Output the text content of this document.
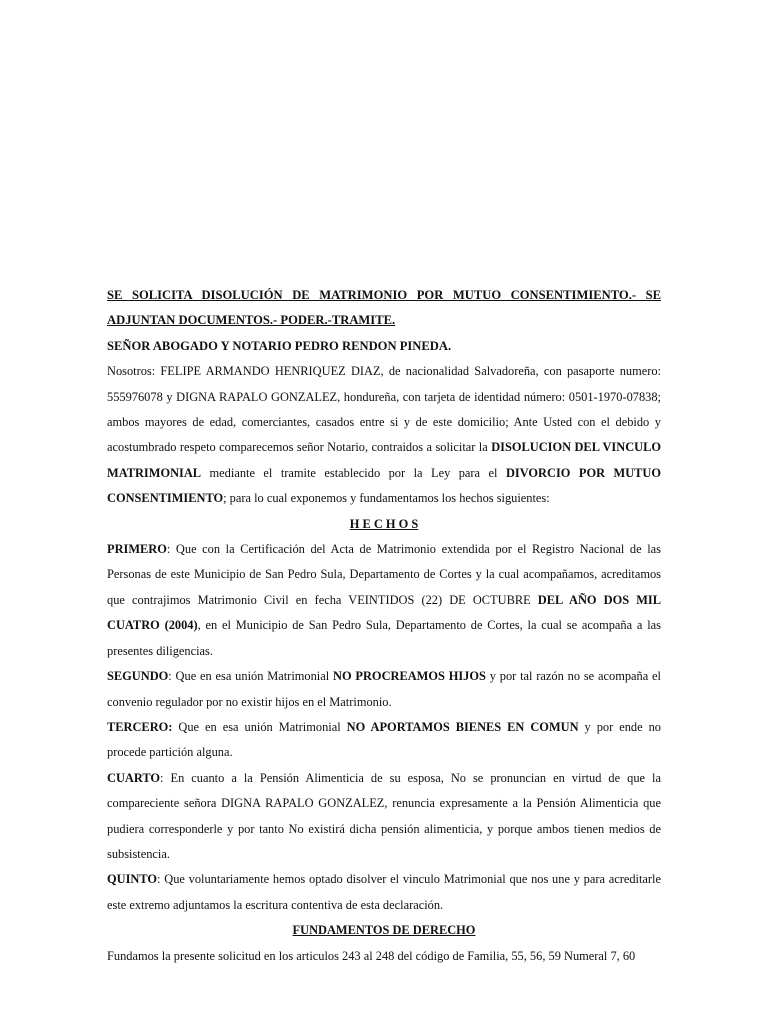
SE SOLICITA DISOLUCIÓN DE MATRIMONIO POR MUTUO CONSENTIMIENTO.- SE ADJUNTAN DOCUMENTOS.- PODER.-TRAMITE.

SEÑOR ABOGADO Y NOTARIO PEDRO RENDON PINEDA.

Nosotros: FELIPE ARMANDO HENRIQUEZ DIAZ, de nacionalidad Salvadoreña, con pasaporte numero: 555976078 y DIGNA RAPALO GONZALEZ, hondureña, con tarjeta de identidad número: 0501-1970-07838; ambos mayores de edad, comerciantes, casados entre si y de este domicilio; Ante Usted con el debido y acostumbrado respeto comparecemos señor Notario, contraidos a solicitar la DISOLUCION DEL VINCULO MATRIMONIAL mediante el tramite establecido por la Ley para el DIVORCIO POR MUTUO CONSENTIMIENTO; para lo cual exponemos y fundamentamos los hechos siguientes:

H E C H O S

PRIMERO: Que con la Certificación del Acta de Matrimonio extendida por el Registro Nacional de las Personas de este Municipio de San Pedro Sula, Departamento de Cortes y la cual acompañamos, acreditamos que contrajimos Matrimonio Civil en fecha VEINTIDOS (22) DE OCTUBRE DEL AÑO DOS MIL CUATRO (2004), en el Municipio de San Pedro Sula, Departamento de Cortes, la cual se acompaña a las presentes diligencias.

SEGUNDO: Que en esa unión Matrimonial NO PROCREAMOS HIJOS y por tal razón no se acompaña el convenio regulador por no existir hijos en el Matrimonio.

TERCERO: Que en esa unión Matrimonial NO APORTAMOS BIENES EN COMUN y por ende no procede partición alguna.

CUARTO: En cuanto a la Pensión Alimenticia de su esposa, No se pronuncian en virtud de que la compareciente señora DIGNA RAPALO GONZALEZ, renuncia expresamente a la Pensión Alimenticia que pudiera corresponderle y por tanto No existirá dicha pensión alimenticia, y porque ambos tienen medios de subsistencia.

QUINTO: Que voluntariamente hemos optado disolver el vinculo Matrimonial que nos une y para acreditarle este extremo adjuntamos la escritura contentiva de esta declaración.

FUNDAMENTOS DE DERECHO

Fundamos la presente solicitud en los articulos 243 al 248 del código de Familia, 55, 56, 59 Numeral 7, 60
